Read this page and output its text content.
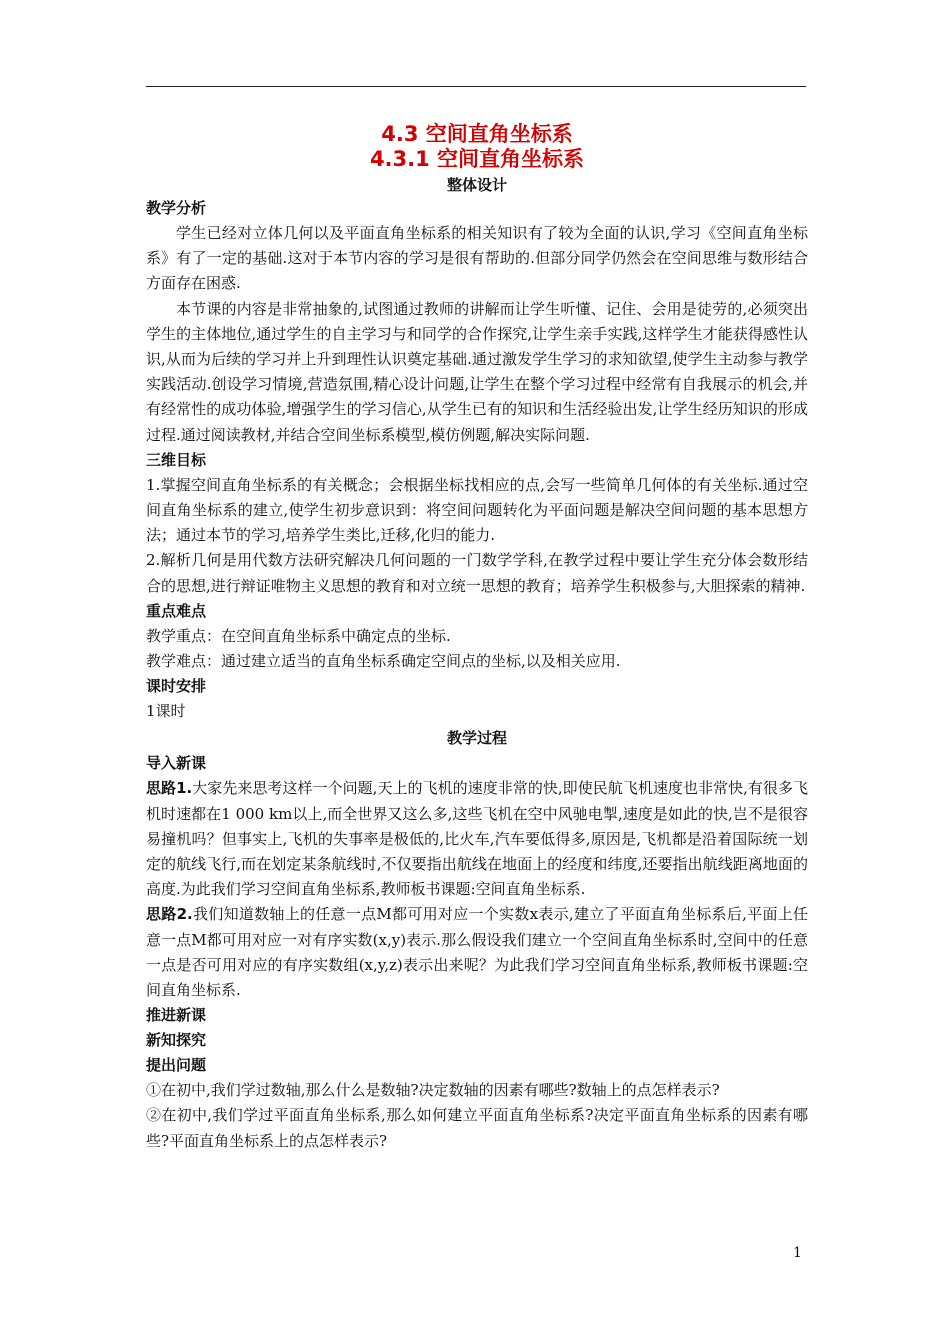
4.3 空间直角坐标系
4.3.1 空间直角坐标系
整体设计
教学分析

学生已经对立体几何以及平面直角坐标系的相关知识有了较为全面的认识,学习《空间直角坐标系》有了一定的基础.这对于本节内容的学习是很有帮助的.但部分同学仍然会在空间思维与数形结合方面存在困惑.

本节课的内容是非常抽象的,试图通过教师的讲解而让学生听懂、记住、会用是徒劳的,必须突出学生的主体地位,通过学生的自主学习与和同学的合作探究,让学生亲手实践,这样学生才能获得感性认识,从而为后续的学习并上升到理性认识奠定基础.通过激发学生学习的求知欲望,使学生主动参与教学实践活动.创设学习情境,营造氛围,精心设计问题,让学生在整个学习过程中经常有自我展示的机会,并有经常性的成功体验,增强学生的学习信心,从学生已有的知识和生活经验出发,让学生经历知识的形成过程.通过阅读教材,并结合空间坐标系模型,模仿例题,解决实际问题.

三维目标

1.掌握空间直角坐标系的有关概念；会根据坐标找相应的点,会写一些简单几何体的有关坐标.通过空间直角坐标系的建立,使学生初步意识到：将空间问题转化为平面问题是解决空间问题的基本思想方法；通过本节的学习,培养学生类比,迁移,化归的能力.

2.解析几何是用代数方法研究解决几何问题的一门数学学科,在教学过程中要让学生充分体会数形结合的思想,进行辩证唯物主义思想的教育和对立统一思想的教育；培养学生积极参与,大胆探索的精神.

重点难点

教学重点：在空间直角坐标系中确定点的坐标.

教学难点：通过建立适当的直角坐标系确定空间点的坐标,以及相关应用.

课时安排

1课时

教学过程
导入新课

思路1.大家先来思考这样一个问题,天上的飞机的速度非常的快,即使民航飞机速度也非常快,有很多飞机时速都在1 000 km以上,而全世界又这么多,这些飞机在空中风驰电掣,速度是如此的快,岂不是很容易撞机吗？但事实上,飞机的失事率是极低的,比火车,汽车要低得多,原因是,飞机都是沿着国际统一划定的航线飞行,而在划定某条航线时,不仅要指出航线在地面上的经度和纬度,还要指出航线距离地面的高度.为此我们学习空间直角坐标系,教师板书课题:空间直角坐标系.

思路2.我们知道数轴上的任意一点M都可用对应一个实数x表示,建立了平面直角坐标系后,平面上任意一点M都可用对应一对有序实数(x,y)表示.那么假设我们建立一个空间直角坐标系时,空间中的任意一点是否可用对应的有序实数组(x,y,z)表示出来呢？为此我们学习空间直角坐标系,教师板书课题:空间直角坐标系.

推进新课
新知探究
提出问题

①在初中,我们学过数轴,那么什么是数轴?决定数轴的因素有哪些?数轴上的点怎样表示?

②在初中,我们学过平面直角坐标系,那么如何建立平面直角坐标系?决定平面直角坐标系的因素有哪些?平面直角坐标系上的点怎样表示?

1
